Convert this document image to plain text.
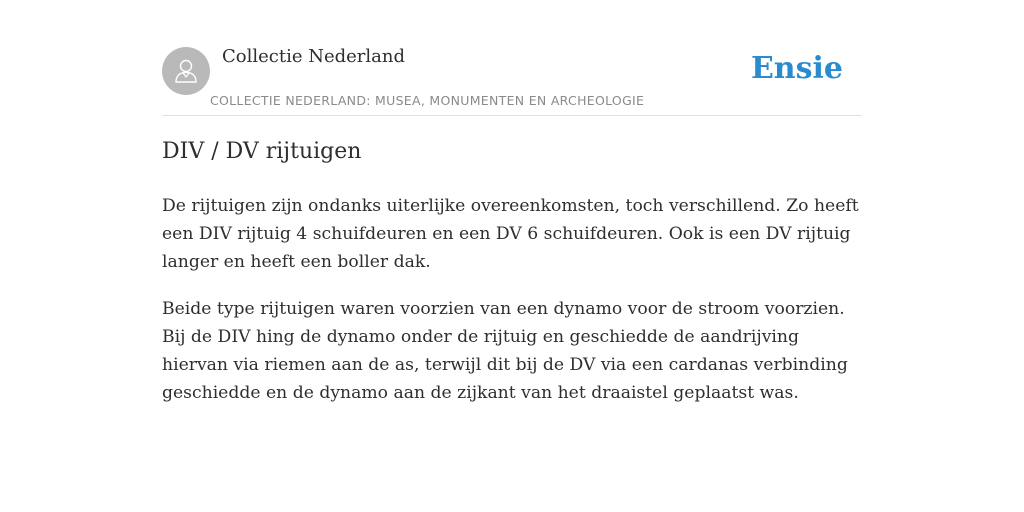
Collectie Nederland
COLLECTIE NEDERLAND: MUSEA, MONUMENTEN EN ARCHEOLOGIE
Ensie
DIV / DV rijtuigen

De rijtuigen zijn ondanks uiterlijke overeenkomsten, toch verschillend. Zo heeft een DIV rijtuig 4 schuifdeuren en een DV 6 schuifdeuren. Ook is een DV rijtuig langer en heeft een boller dak.

Beide type rijtuigen waren voorzien van een dynamo voor de stroom voorzien. Bij de DIV hing de dynamo onder de rijtuig en geschiedde de aandrijving hiervan via riemen aan de as, terwijl dit bij de DV via een cardanas verbinding geschiedde en de dynamo aan de zijkant van het draaistel geplaatst was.
